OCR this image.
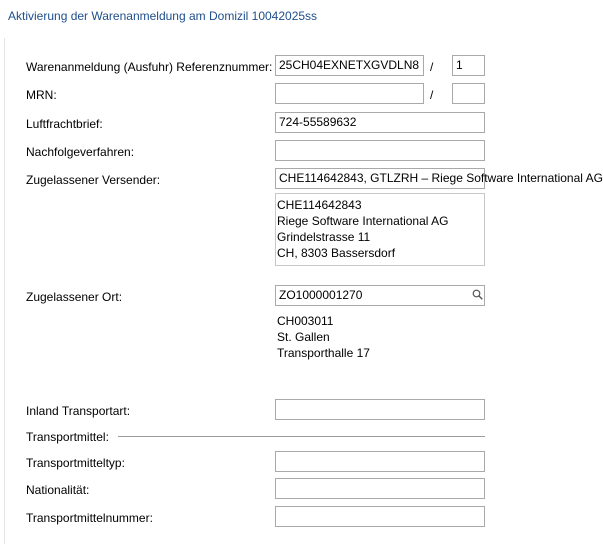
Aktivierung der Warenanmeldung am Domizil 10042025ss
Warenanmeldung (Ausfuhr) Referenznummer: 25CH04EXNETXGVDLN8 /	1
MRN:	/
Luftfrachtbrief:	724-55589632
Nachfolgeverfahren:
Zugelassener Versender:	CHE114642843, GTLZRH – Riege Software International AG
CHE114642843
Riege Software International AG
Grindelstrasse 11
CH, 8303 Bassersdorf
Zugelassener Ort:	ZO1000001270
CH003011
St. Gallen
Transporthalle 17
Inland Transportart:
Transportmittel:
Transportmitteltyp:
Nationalität:
Transportmittelnummer:
